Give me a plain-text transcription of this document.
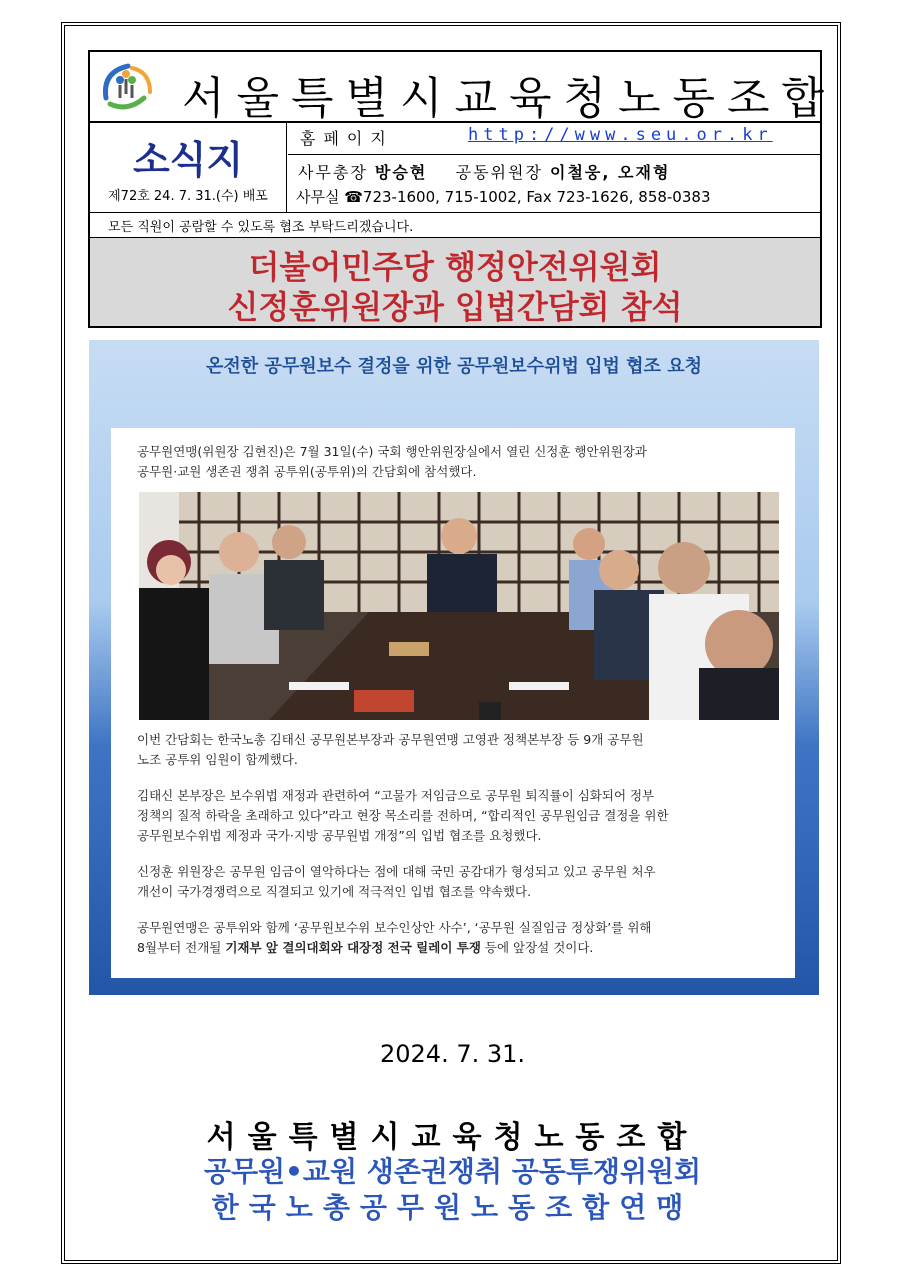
서울특별시교육청노동조합
소식지
제72호 24. 7. 31.(수) 배포
홈페이지	http://www.seu.or.kr
사무총장 방승현 공동위원장 이철웅, 오재형
사무실 ☎723-1600, 715-1002, Fax 723-1626, 858-0383
모든 직원이 공람할 수 있도록 협조 부탁드리겠습니다.
더불어민주당 행정안전위원회
신정훈위원장과 입법간담회 참석
온전한 공무원보수 결정을 위한 공무원보수위법 입법 협조 요청
공무원연맹(위원장 김현진)은 7월 31일(수) 국회 행안위원장실에서 열린 신정훈 행안위원장과
공무원·교원 생존권 쟁취 공투위(공투위)의 간담회에 참석했다.
이번 간담회는 한국노총 김태신 공무원본부장과 공무원연맹 고영관 정책본부장 등 9개 공무원
노조 공투위 임원이 함께했다.
김태신 본부장은 보수위법 재정과 관련하여 “고물가 저임금으로 공무원 퇴직률이 심화되어 정부
정책의 질적 하락을 초래하고 있다”라고 현장 목소리를 전하며, “합리적인 공무원임금 결정을 위한
공무원보수위법 제정과 국가·지방 공무원법 개정”의 입법 협조를 요청했다.
신정훈 위원장은 공무원 임금이 열악하다는 점에 대해 국민 공감대가 형성되고 있고 공무원 처우
개선이 국가경쟁력으로 직결되고 있기에 적극적인 입법 협조를 약속했다.
공무원연맹은 공투위와 함께 ‘공무원보수위 보수인상안 사수’, ‘공무원 실질임금 정상화’를 위해
8월부터 전개될 기재부 앞 결의대회와 대장정 전국 릴레이 투쟁 등에 앞장설 것이다.
2024. 7. 31.
서울특별시교육청노동조합
공무원•교원 생존권쟁취 공동투쟁위원회
한국노총공무원노동조합연맹
